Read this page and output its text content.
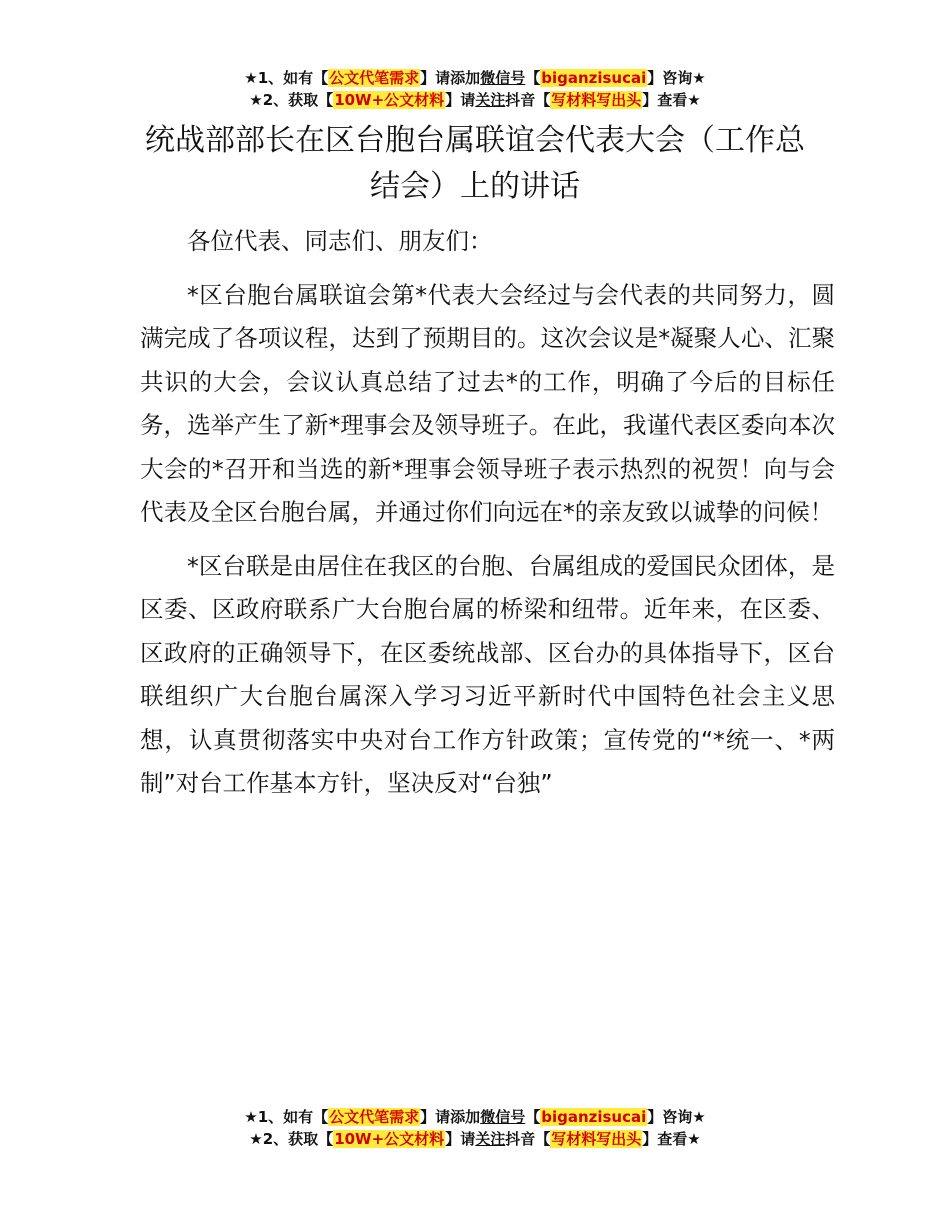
★1、如有【公文代笔需求】请添加微信号【biganzisucai】咨询★
★2、获取【10W+公文材料】请关注抖音【写材料写出头】查看★
统战部部长在区台胞台属联谊会代表大会（工作总结会）上的讲话

各位代表、同志们、朋友们：

*区台胞台属联谊会第*代表大会经过与会代表的共同努力，圆满完成了各项议程，达到了预期目的。这次会议是*凝聚人心、汇聚共识的大会，会议认真总结了过去*的工作，明确了今后的目标任务，选举产生了新*理事会及领导班子。在此，我谨代表区委向本次大会的*召开和当选的新*理事会领导班子表示热烈的祝贺！向与会代表及全区台胞台属，并通过你们向远在*的亲友致以诚挚的问候！

*区台联是由居住在我区的台胞、台属组成的爱国民众团体，是区委、区政府联系广大台胞台属的桥梁和纽带。近年来，在区委、区政府的正确领导下，在区委统战部、区台办的具体指导下，区台联组织广大台胞台属深入学习习近平新时代中国特色社会主义思想，认真贯彻落实中央对台工作方针政策；宣传党的“*统一、*两制”对台工作基本方针，坚决反对“台独”

★1、如有【公文代笔需求】请添加微信号【biganzisucai】咨询★
★2、获取【10W+公文材料】请关注抖音【写材料写出头】查看★
